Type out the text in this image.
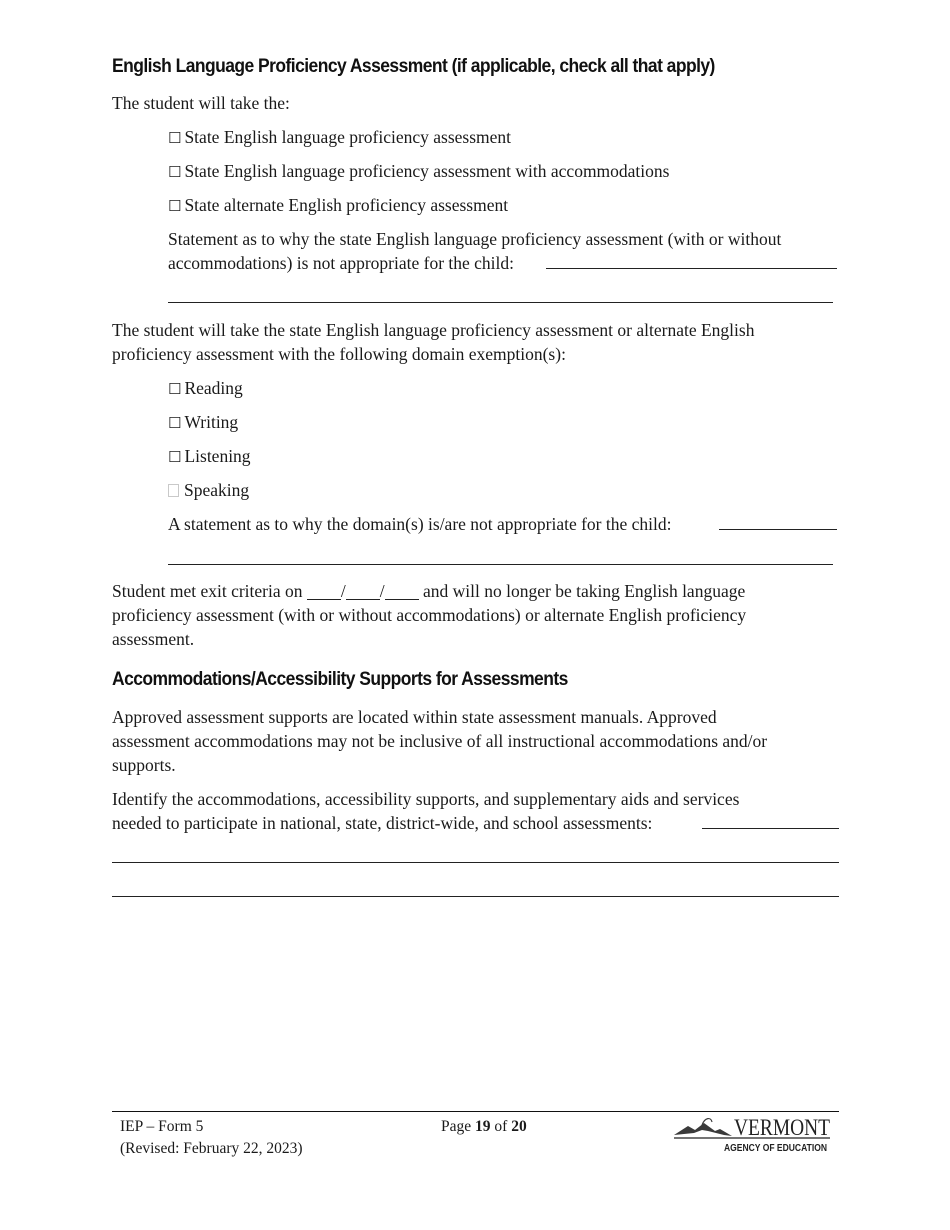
English Language Proficiency Assessment (if applicable, check all that apply)
The student will take the:
☐ State English language proficiency assessment
☐ State English language proficiency assessment with accommodations
☐ State alternate English proficiency assessment
Statement as to why the state English language proficiency assessment (with or without
accommodations) is not appropriate for the child:
The student will take the state English language proficiency assessment or alternate English
proficiency assessment with the following domain exemption(s):
☐ Reading
☐ Writing
☐ Listening
Speaking
A statement as to why the domain(s) is/are not appropriate for the child:
Student met exit criteria on / / and will no longer be taking English language
proficiency assessment (with or without accommodations) or alternate English proficiency
assessment.
Accommodations/Accessibility Supports for Assessments
Approved assessment supports are located within state assessment manuals. Approved
assessment accommodations may not be inclusive of all instructional accommodations and/or
supports.
Identify the accommodations, accessibility supports, and supplementary aids and services
needed to participate in national, state, district-wide, and school assessments:
IEP – Form 5
(Revised: February 22, 2023)
Page 19 of 20	VERMONT
AGENCY OF EDUCATION
